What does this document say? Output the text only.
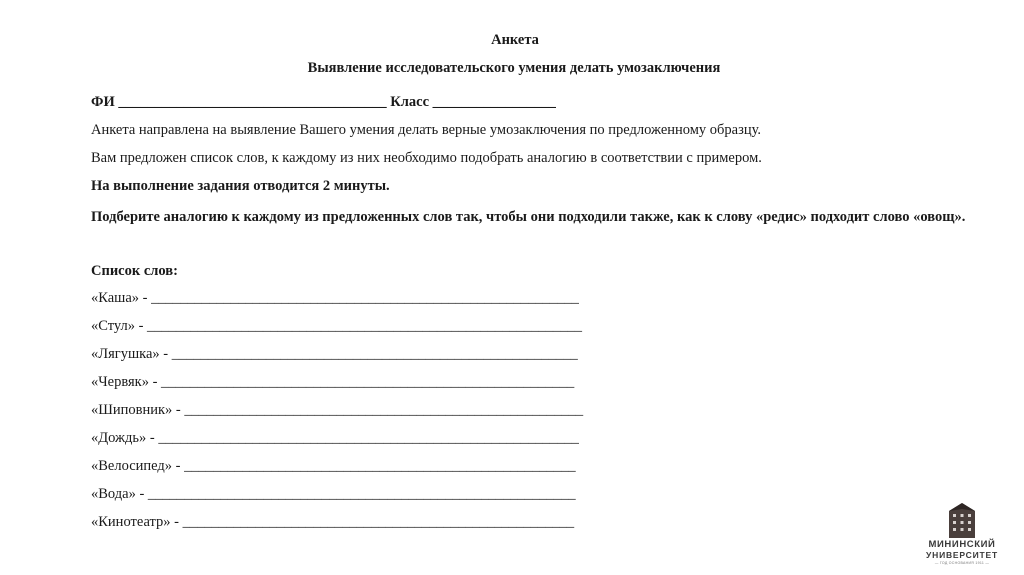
Анкета
Выявление исследовательского умения делать умозаключения
ФИ _____________________________________ Класс _________________
Анкета направлена на выявление Вашего умения делать верные умозаключения по предложенному образцу.
Вам предложен список слов, к каждому из них необходимо подобрать аналогию в соответствии с примером.
На выполнение задания отводится 2 минуты.
Подберите аналогию к каждому из предложенных слов так, чтобы они подходили также, как к слову «редис» подходит слово «овощ».
Список слов:
«Каша» - ___________________________________________________________
«Стул» - ____________________________________________________________
«Лягушка» - ________________________________________________________
«Червяк» - _________________________________________________________
«Шиповник» - _______________________________________________________
«Дождь» - __________________________________________________________
«Велосипед» - ______________________________________________________
«Вода» - ___________________________________________________________
«Кинотеатр» - ______________________________________________________
МИНИНСКИЙ
УНИВЕРСИТЕТ
— ГОД ОСНОВАНИЯ 1911 —
